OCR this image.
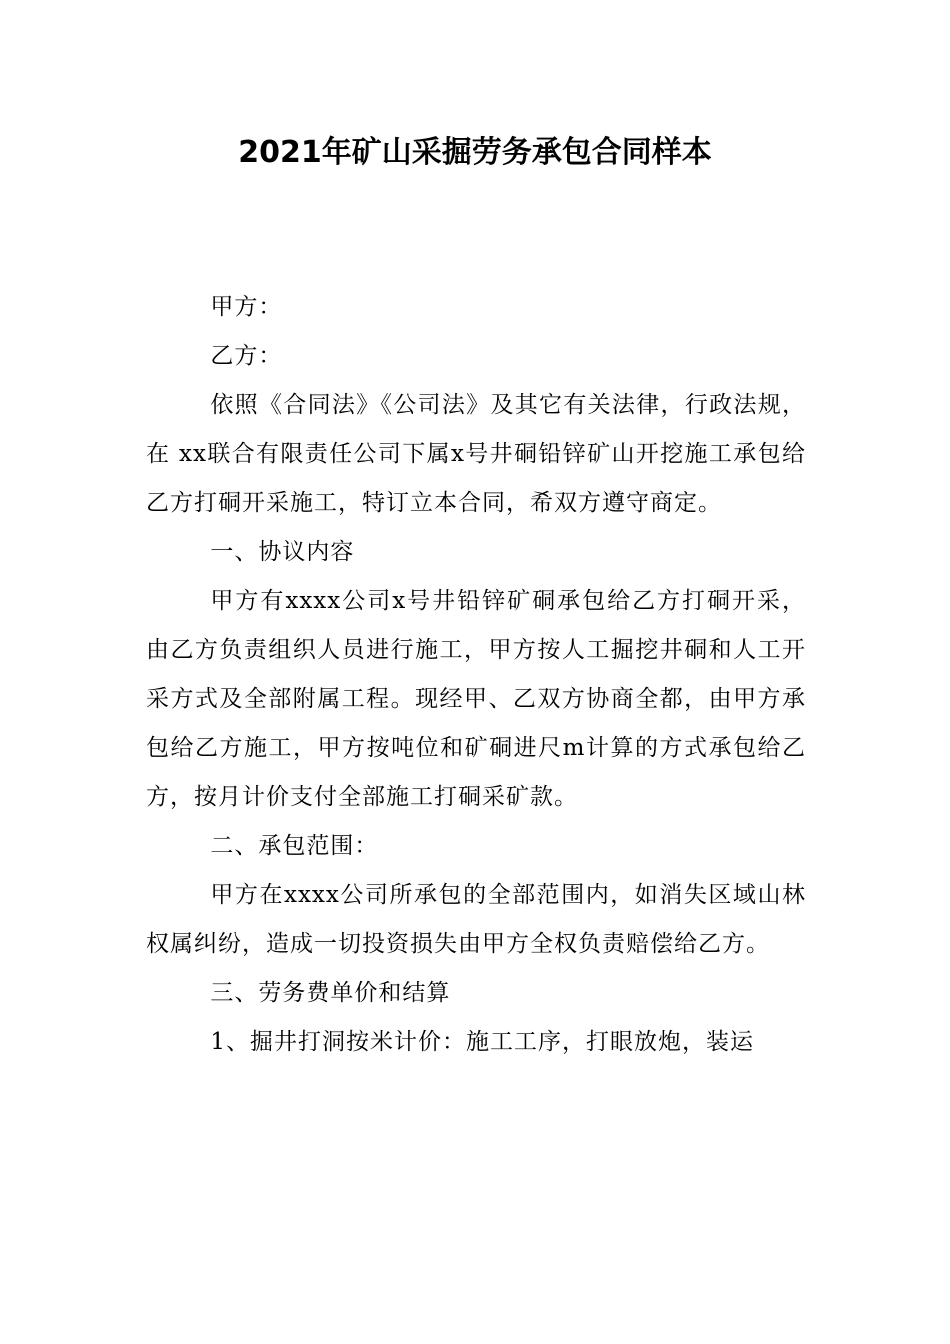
2021年矿山采掘劳务承包合同样本

甲方：

乙方：

依照《合同法》《公司法》及其它有关法律，行政法规，在 xx联合有限责任公司下属x号井硐铅锌矿山开挖施工承包给乙方打硐开采施工，特订立本合同，希双方遵守商定。

一、协议内容

甲方有xxxx公司x号井铅锌矿硐承包给乙方打硐开采，由乙方负责组织人员进行施工，甲方按人工掘挖井硐和人工开采方式及全部附属工程。现经甲、乙双方协商全都，由甲方承包给乙方施工，甲方按吨位和矿硐进尺m计算的方式承包给乙方，按月计价支付全部施工打硐采矿款。

二、承包范围：

甲方在xxxx公司所承包的全部范围内，如消失区域山林权属纠纷，造成一切投资损失由甲方全权负责赔偿给乙方。

三、劳务费单价和结算

1、掘井打洞按米计价：施工工序，打眼放炮，装运
